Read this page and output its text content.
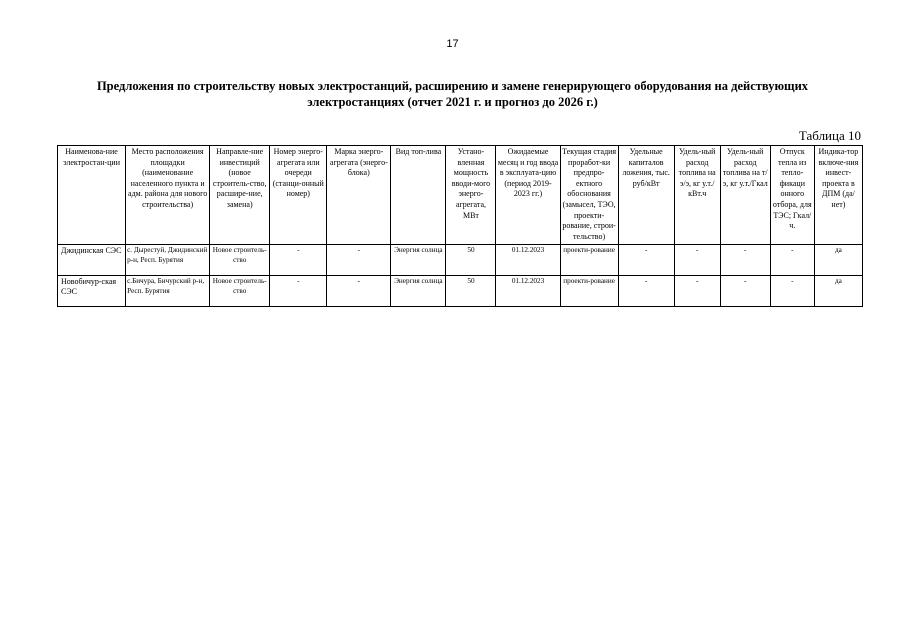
17
Предложения по строительству новых электростанций, расширению и замене генерирующего оборудования на действующих электростанциях (отчет 2021 г. и прогноз до 2026 г.)
Таблица 10
Наименова-ние электростан-ции	Место расположения площадки (наименование населенного пункта и адм. района для нового строительства)	Направле-ние инвестиций (новое строитель-ство, расшире-ние, замена)	Номер энерго-агрегата или очереди (станци-онный номер)	Марка энерго-агрегата (энерго-блока)	Вид топ-лива	Устано-вленная мощность вводи-мого энерго-агрегата, МВт	Ожидаемые месяц и год ввода в эксплуата-цию (период 2019-2023 гг.)	Текущая стадия проработ-ки предпро-ектного обоснования (замысел, ТЭО, проекти-рование, строи-тельство)	Удельные капиталов ложения, тыс. руб/кВт	Удель-ный расход топлива на э/э, кг у.т./кВт.ч	Удель-ный расход топлива на т/э, кг у.т./Гкал	Отпуск тепла из тепло-фикаци онного отбора, для ТЭС; Гкал/ч.	Индика-тор включе-ния инвест-проекта в ДПМ (да/нет)
Джидинская СЭС	с. Дырестуй, Джидинский р-н, Респ. Бурятия	Новое строитель-ство	-	-	Энергия солнца	50	01.12.2023	проекти-рование	-	-	-	-	да
Новобичур-ская СЭС	с.Бичура, Бичурский р-н, Респ. Бурятия	Новое строитель-ство	-	-	Энергия солнца	50	01.12.2023	проекти-рование	-	-	-	-	да
